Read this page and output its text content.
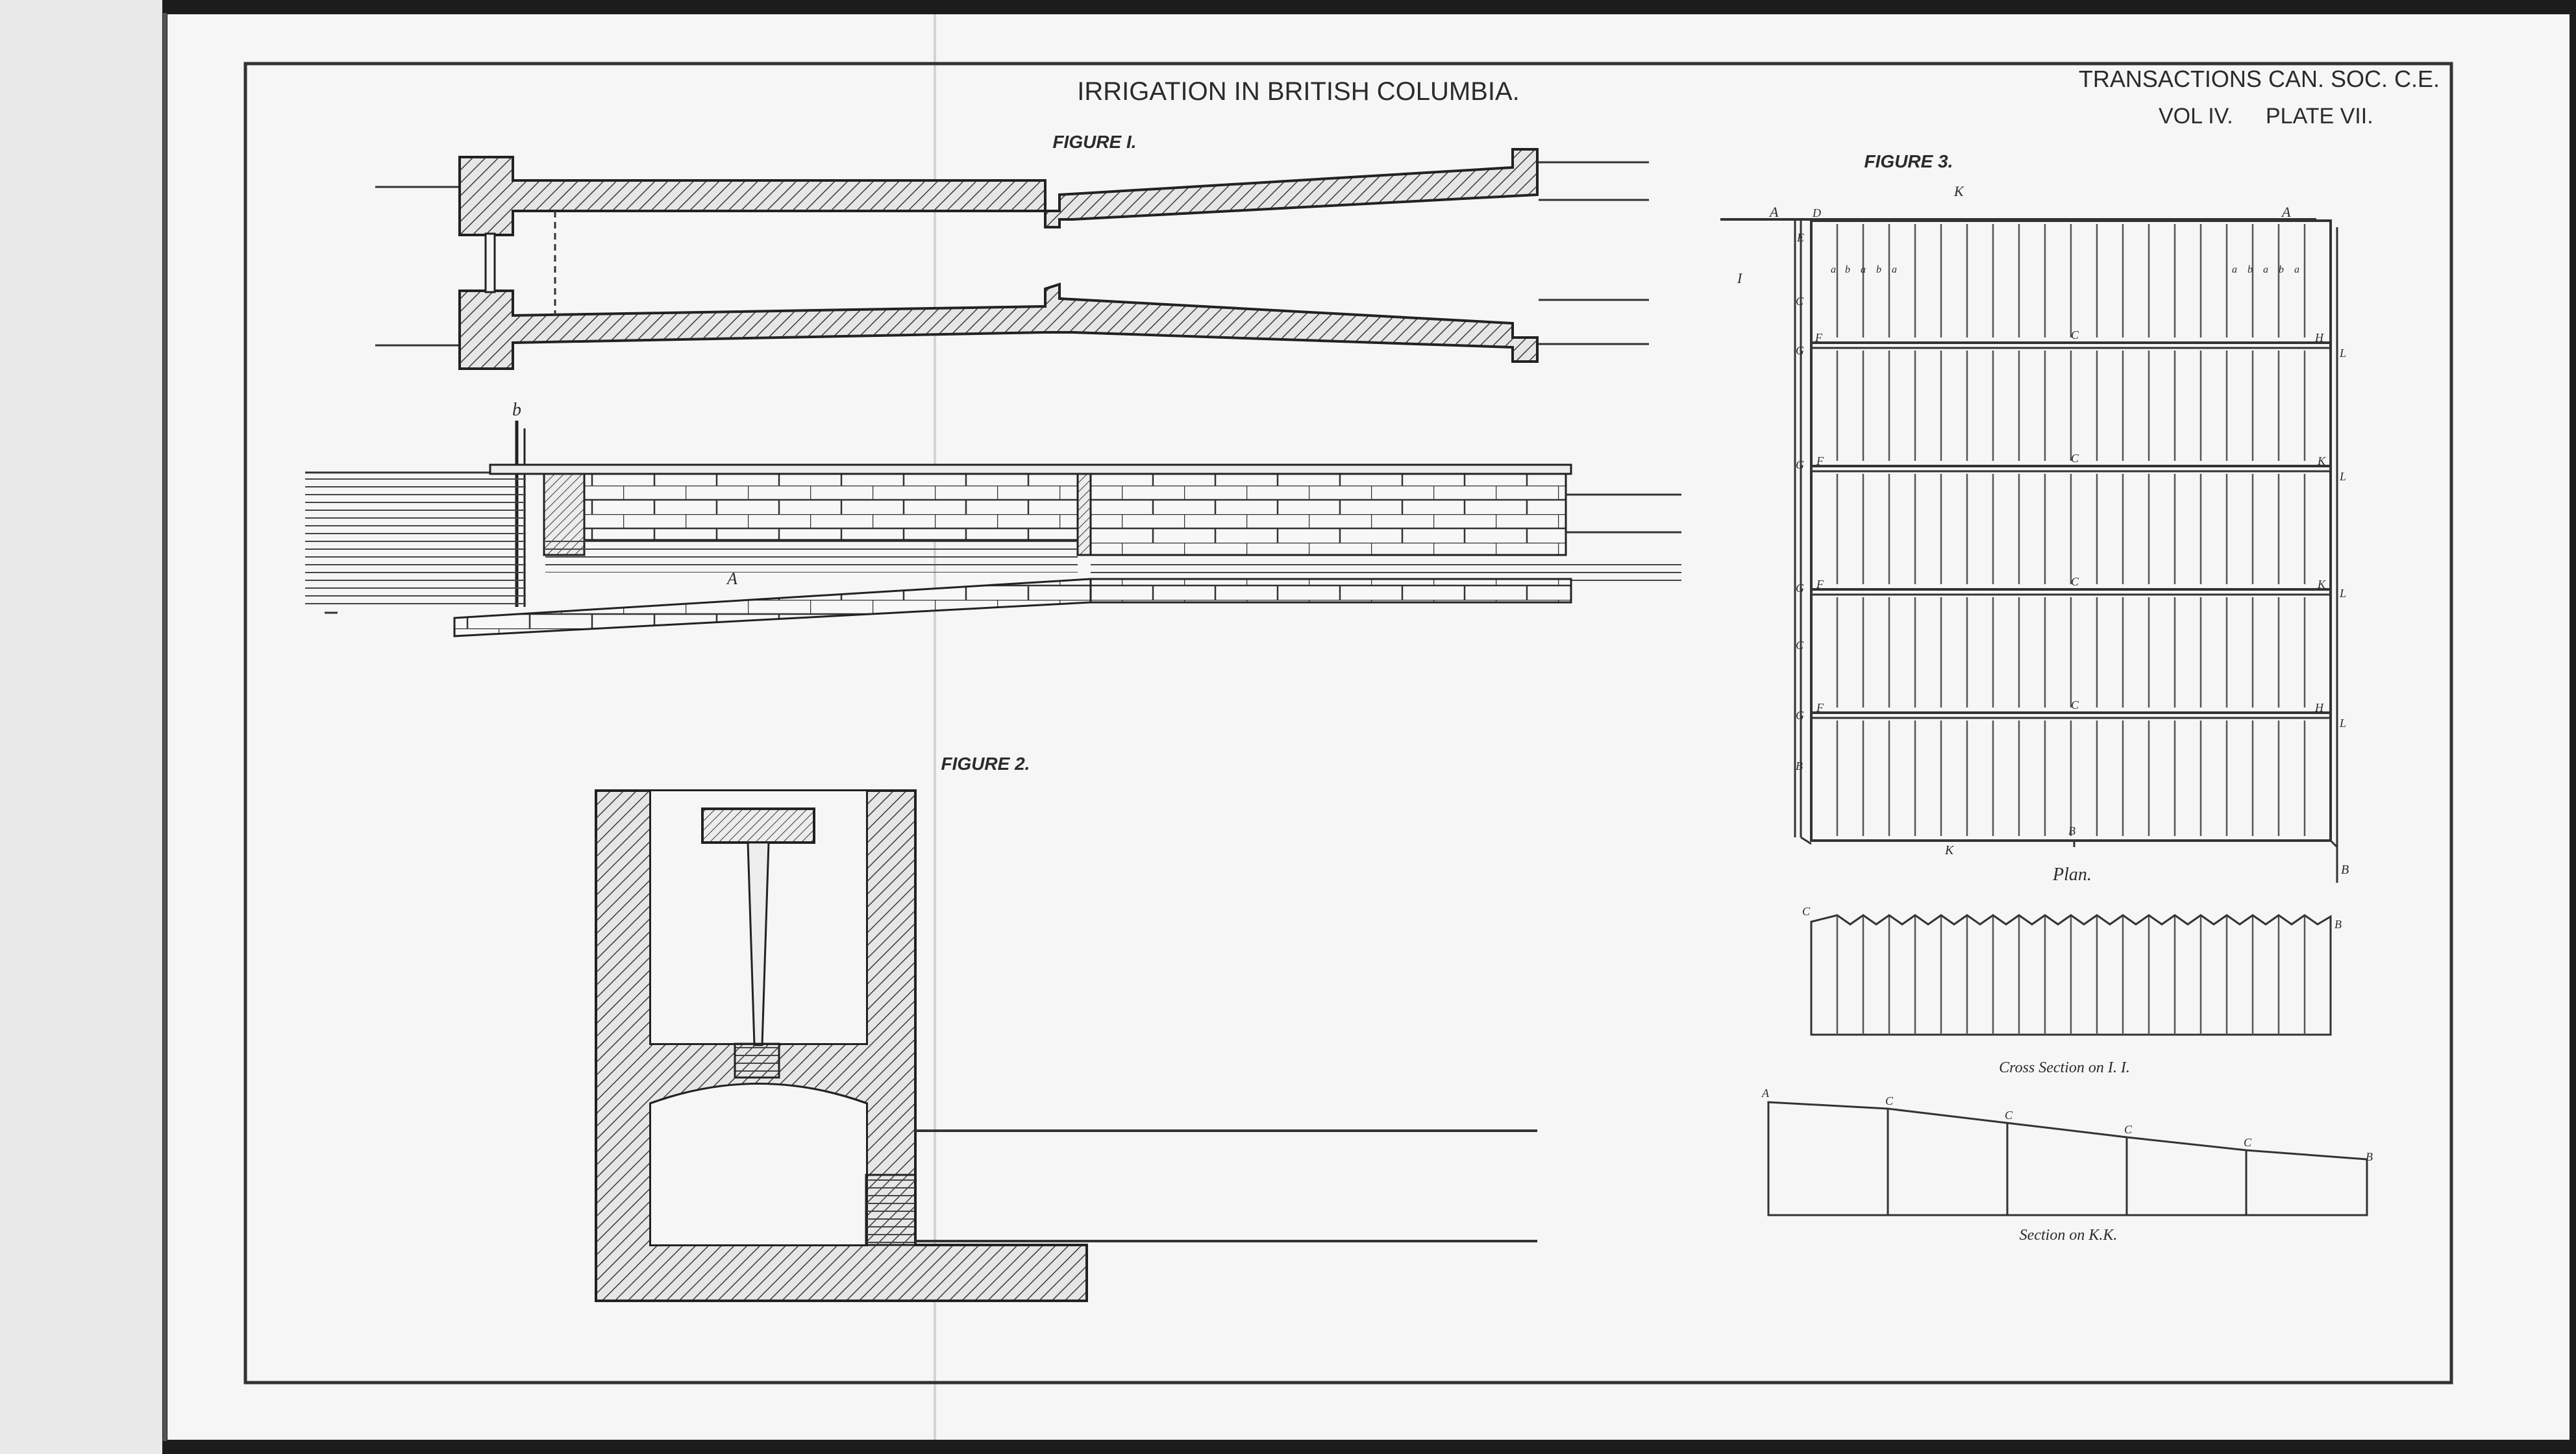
IRRIGATION IN BRITISH COLUMBIA.	TRANSACTIONS CAN. SOC. C.E.
VOL IV. PLATE VII.
FIGURE I.
b
A
FIGURE 2.
FIGURE 3.
A	D
K
A
E
I
a b a b a	a b a b a
C
G
F	C	H
L
G F	C	K
L
G F	C	K
L
C
G
F	C	H
L
B
B
K
B
Plan.
C
B
Cross Section on I. I.
A
C
C
C
C
B
Section on K.K.
